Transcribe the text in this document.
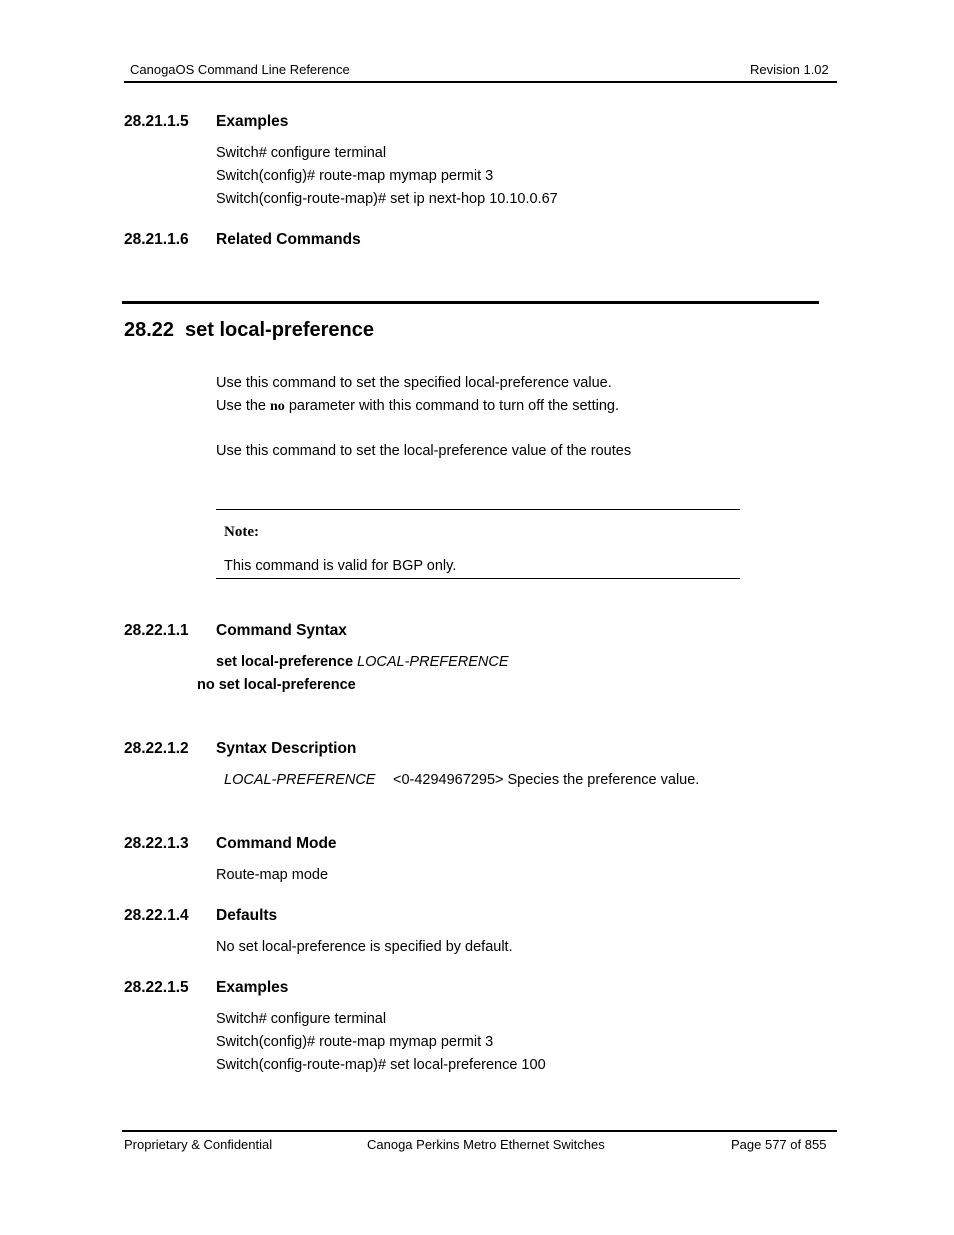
CanogaOS Command Line Reference	Revision 1.02
28.21.1.5 Examples
Switch# configure terminal
Switch(config)# route-map mymap permit 3
Switch(config-route-map)# set ip next-hop 10.10.0.67
28.21.1.6 Related Commands
28.22 set local-preference
Use this command to set the specified local-preference value.
Use the no parameter with this command to turn off the setting.
Use this command to set the local-preference value of the routes
Note:
This command is valid for BGP only.
28.22.1.1 Command Syntax
set local-preference LOCAL-PREFERENCE
no set local-preference
28.22.1.2 Syntax Description
LOCAL-PREFERENCE <0-4294967295> Species the preference value.
28.22.1.3 Command Mode
Route-map mode
28.22.1.4 Defaults
No set local-preference is specified by default.
28.22.1.5 Examples
Switch# configure terminal
Switch(config)# route-map mymap permit 3
Switch(config-route-map)# set local-preference 100
Proprietary & Confidential	Canoga Perkins Metro Ethernet Switches	Page 577 of 855
